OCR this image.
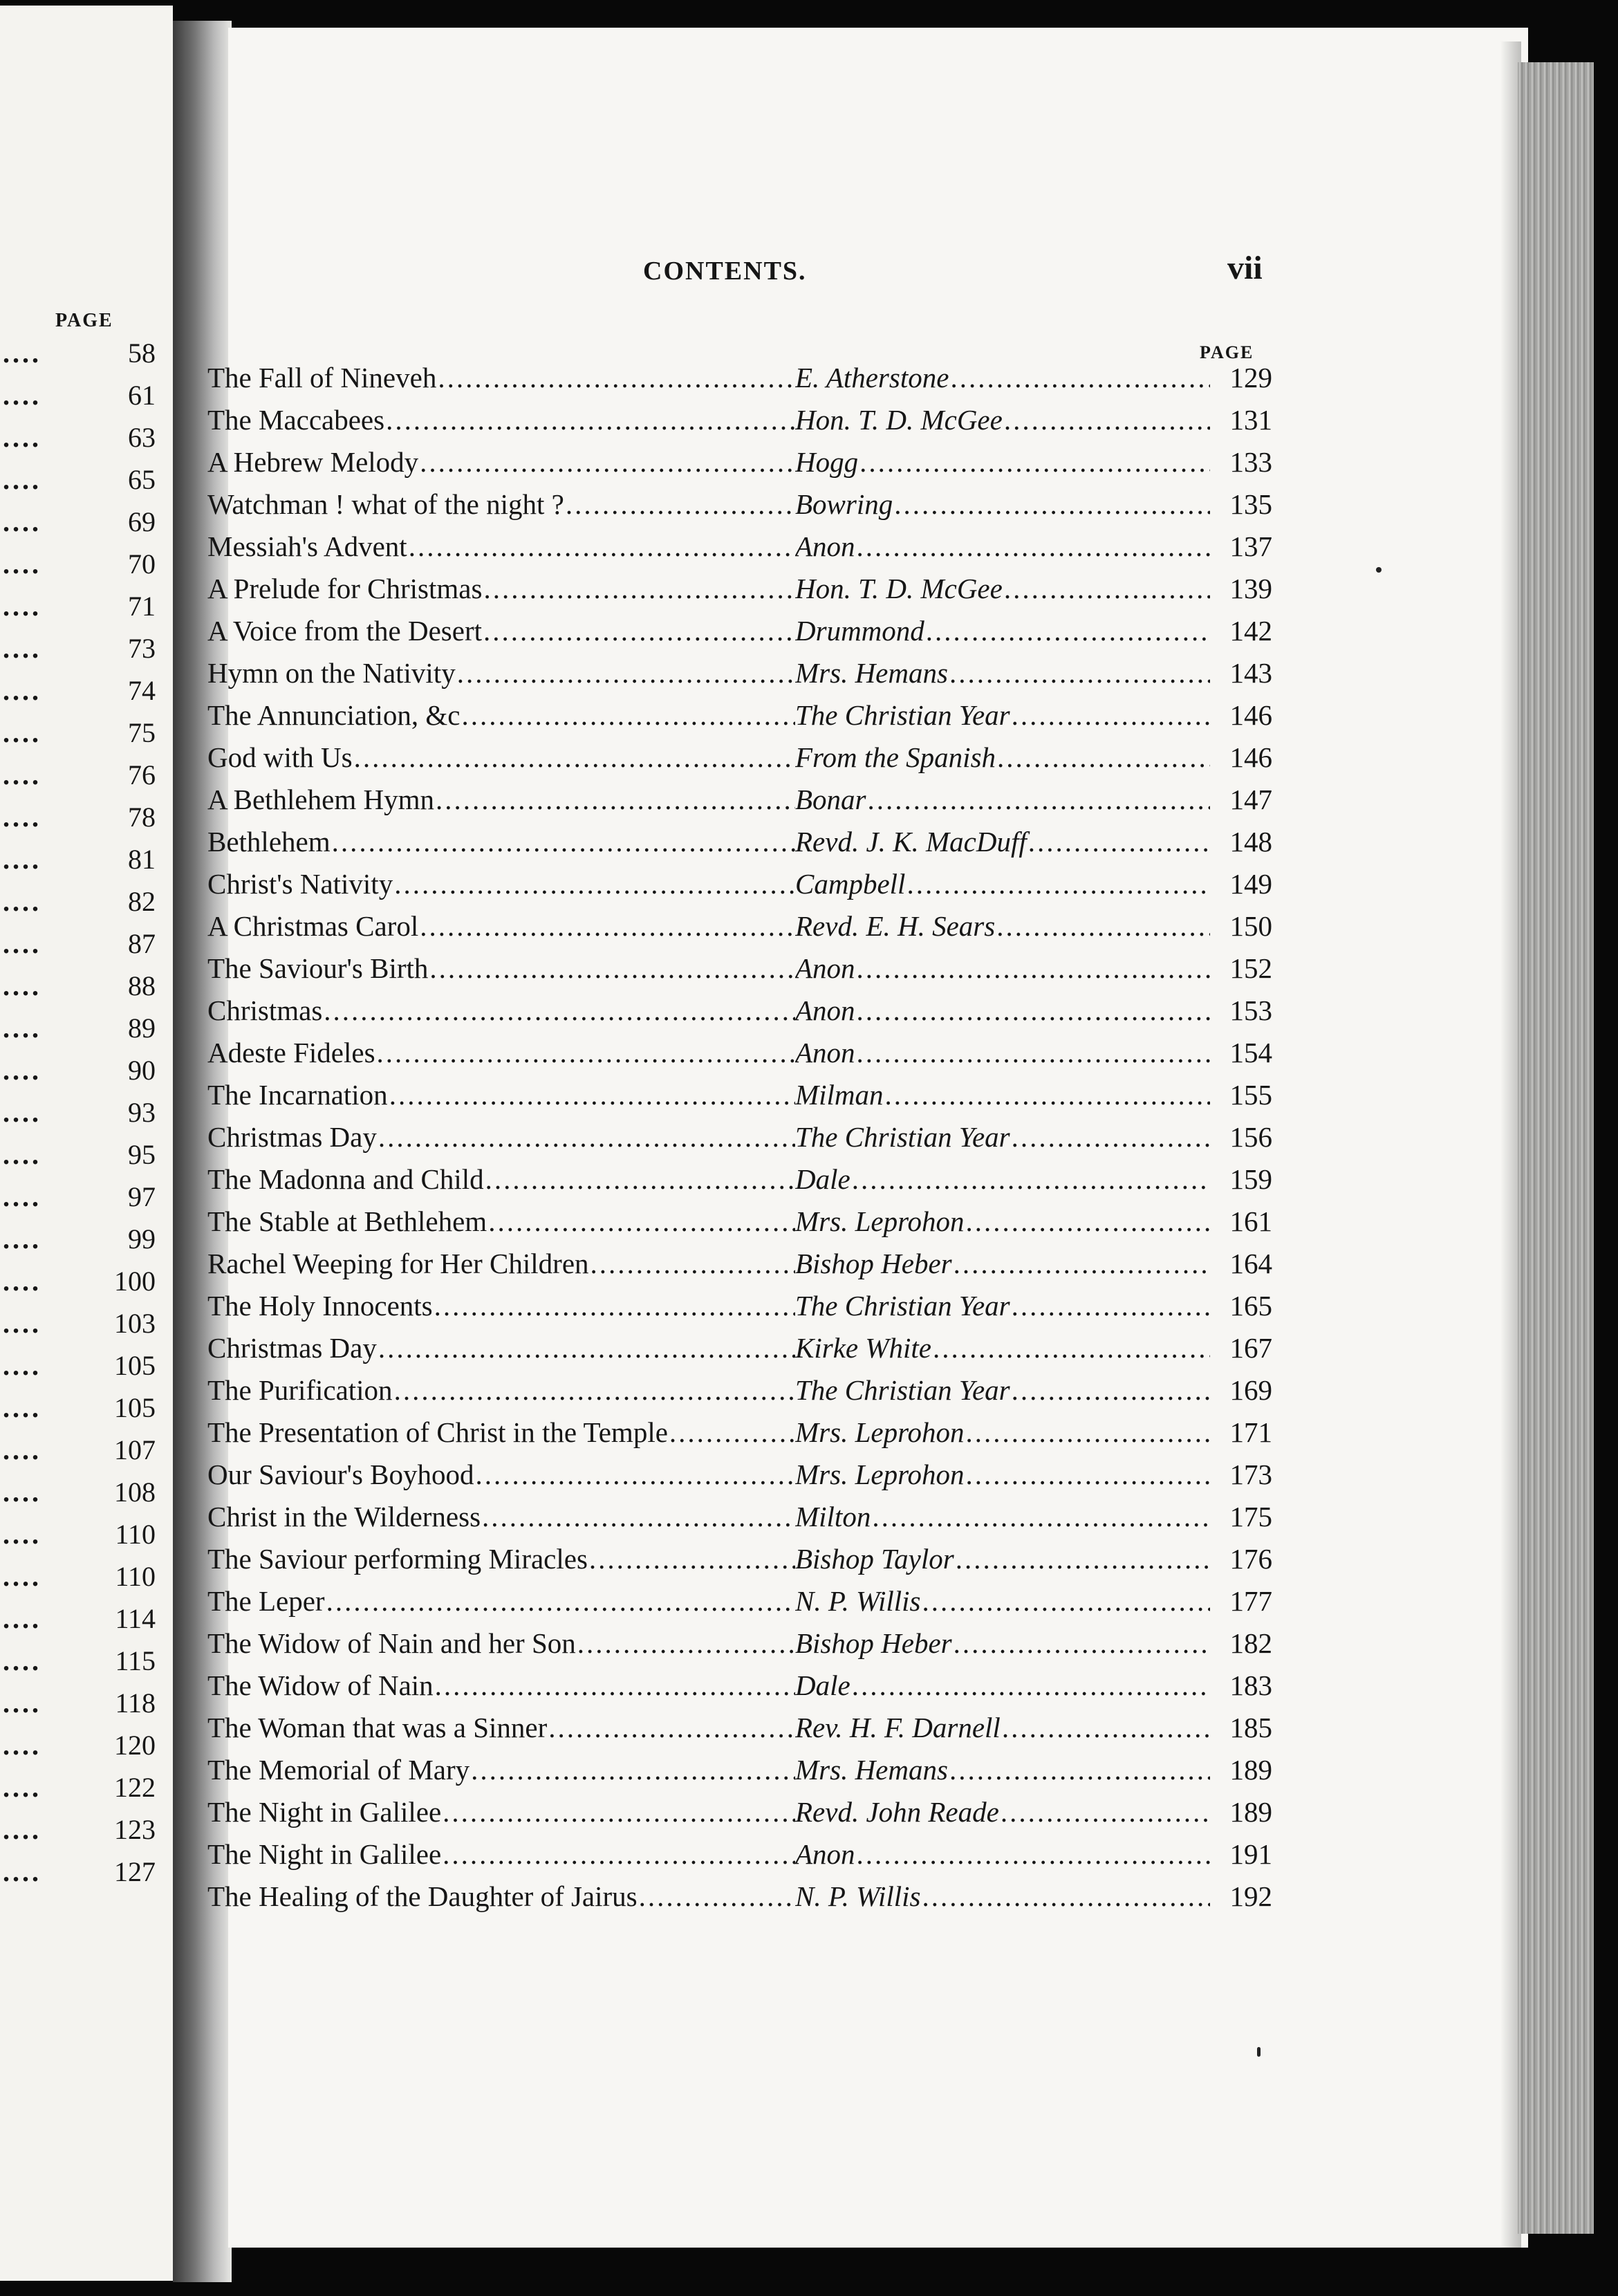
PAGE
....	58
....	61
....	63
....	65
....	69
....	70
....	71
....	73
....	74
....	75
....	76
....	78
....	81
....	82
....	87
....	88
....	89
....	90
....	93
....	95
....	97
....	99
....	100
....	103
....	105
....	105
....	107
....	108
....	110
....	110
....	114
....	115
....	118
....	120
....	122
....	123
....	127
CONTENTS.	vii
PAGE
The Fall of Nineveh .....	E. Atherstone .....	129
The Maccabees .....	Hon. T. D. McGee .....	131
A Hebrew Melody .....	Hogg .....	133
Watchman ! what of the night ? .....	Bowring .....	135
Messiah's Advent .....	Anon .....	137
A Prelude for Christmas .....	Hon. T. D. McGee .....	139
A Voice from the Desert .....	Drummond .....	142
Hymn on the Nativity .....	Mrs. Hemans .....	143
The Annunciation, &c .....	The Christian Year .....	146
God with Us .....	From the Spanish .....	146
A Bethlehem Hymn .....	Bonar .....	147
Bethlehem .....	Revd. J. K. MacDuff .....	148
Christ's Nativity .....	Campbell .....	149
A Christmas Carol .....	Revd. E. H. Sears .....	150
The Saviour's Birth .....	Anon .....	152
Christmas .....	Anon .....	153
Adeste Fideles .....	Anon .....	154
The Incarnation .....	Milman .....	155
Christmas Day .....	The Christian Year .....	156
The Madonna and Child .....	Dale .....	159
The Stable at Bethlehem .....	Mrs. Leprohon .....	161
Rachel Weeping for Her Children .....	Bishop Heber .....	164
The Holy Innocents .....	The Christian Year .....	165
Christmas Day .....	Kirke White .....	167
The Purification .....	The Christian Year .....	169
The Presentation of Christ in the Temple .....	Mrs. Leprohon .....	171
Our Saviour's Boyhood .....	Mrs. Leprohon .....	173
Christ in the Wilderness .....	Milton .....	175
The Saviour performing Miracles .....	Bishop Taylor .....	176
The Leper .....	N. P. Willis .....	177
The Widow of Nain and her Son .....	Bishop Heber .....	182
The Widow of Nain .....	Dale .....	183
The Woman that was a Sinner .....	Rev. H. F. Darnell .....	185
The Memorial of Mary .....	Mrs. Hemans .....	189
The Night in Galilee .....	Revd. John Reade .....	189
The Night in Galilee .....	Anon .....	191
The Healing of the Daughter of Jairus .....	N. P. Willis .....	192
